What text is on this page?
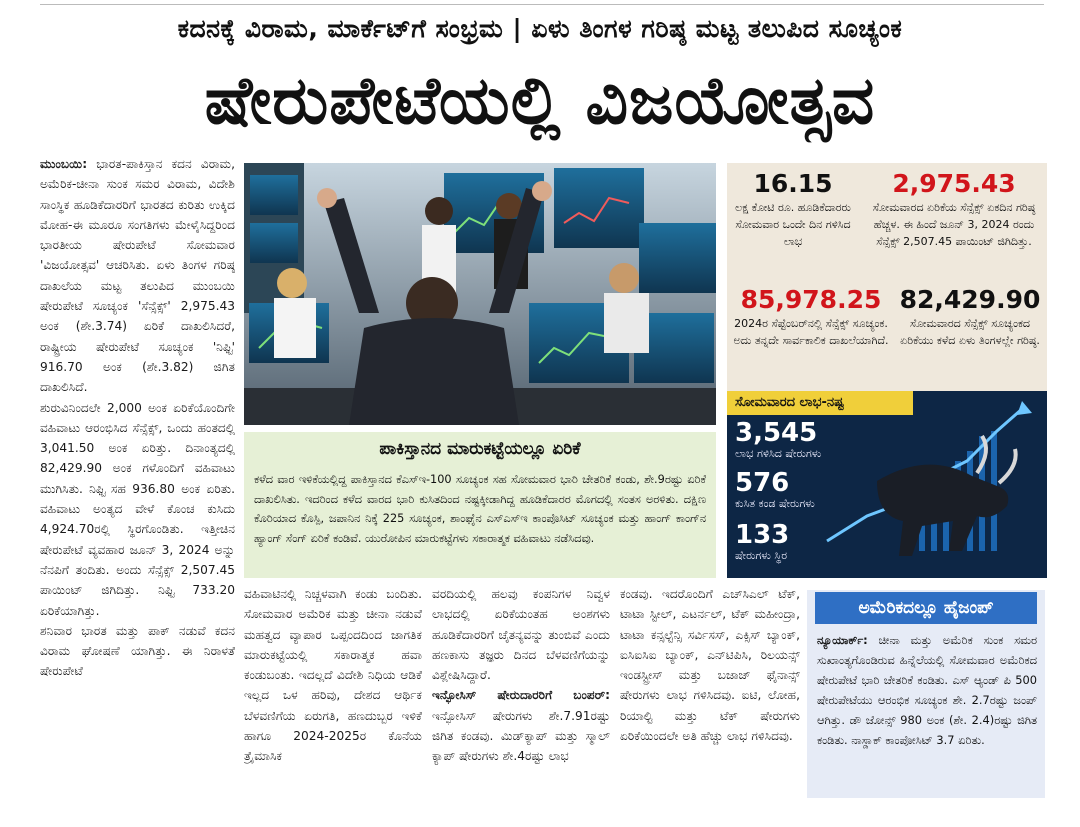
ಕದನಕ್ಕೆ ವಿರಾಮ, ಮಾರ್ಕೆಟ್‌ಗೆ ಸಂಭ್ರಮ | ಏಳು ತಿಂಗಳ ಗರಿಷ್ಠ ಮಟ್ಟ ತಲುಪಿದ ಸೂಚ್ಯಂಕ
ಷೇರುಪೇಟೆಯಲ್ಲಿ ವಿಜಯೋತ್ಸವ

ಮುಂಬಯಿ: ಭಾರತ-ಪಾಕಿಸ್ತಾನ ಕದನ ವಿರಾಮ, ಅಮೆರಿಕ-ಚೀನಾ ಸುಂಕ ಸಮರ ವಿರಾಮ, ವಿದೇಶಿ ಸಾಂಸ್ಥಿಕ ಹೂಡಿಕೆದಾರರಿಗೆ ಭಾರತದ ಕುರಿತು ಉಕ್ಕಿದ ಮೋಹ-ಈ ಮೂರೂ ಸಂಗತಿಗಳು ಮೇಳೈಸಿದ್ದರಿಂದ ಭಾರತೀಯ ಷೇರುಪೇಟೆ ಸೋಮವಾರ 'ವಿಜಯೋತ್ಸವ' ಆಚರಿಸಿತು. ಏಳು ತಿಂಗಳ ಗರಿಷ್ಠ ದಾಖಲೆಯ ಮಟ್ಟ ತಲುಪಿದ ಮುಂಬಯಿ ಷೇರುಪೇಟೆ ಸೂಚ್ಯಂಕ 'ಸೆನ್ಸೆಕ್ಸ್' 2,975.43 ಅಂಕ (ಶೇ.3.74) ಏರಿಕೆ ದಾಖಲಿಸಿದರೆ, ರಾಷ್ಟ್ರೀಯ ಷೇರುಪೇಟೆ ಸೂಚ್ಯಂಕ 'ನಿಫ್ಟಿ' 916.70 ಅಂಕ (ಶೇ.3.82) ಜಿಗಿತ ದಾಖಲಿಸಿದೆ.

ಶುರುವಿನಿಂದಲೇ 2,000 ಅಂಕ ಏರಿಕೆಯೊಂದಿಗೇ ವಹಿವಾಟು ಆರಂಭಿಸಿದ ಸೆನ್ಸೆಕ್ಸ್, ಒಂದು ಹಂತದಲ್ಲಿ 3,041.50 ಅಂಕ ಏರಿತ್ತು. ದಿನಾಂತ್ಯದಲ್ಲಿ 82,429.90 ಅಂಕ ಗಳೊಂದಿಗೆ ವಹಿವಾಟು ಮುಗಿಸಿತು. ನಿಫ್ಟಿ ಸಹ 936.80 ಅಂಕ ಏರಿತು. ವಹಿವಾಟು ಅಂತ್ಯದ ವೇಳೆ ಕೊಂಚ ಕುಸಿದು 4,924.70ರಲ್ಲಿ ಸ್ಥಿರಗೊಂಡಿತು. ಇತ್ತೀಚಿನ ಷೇರುಪೇಟೆ ವ್ಯವಹಾರ ಜೂನ್ 3, 2024 ಅನ್ನು ನೆನಪಿಗೆ ತಂದಿತು. ಅಂದು ಸೆನ್ಸೆಕ್ಸ್ 2,507.45 ಪಾಯಿಂಟ್ ಜಿಗಿದಿತ್ತು. ನಿಫ್ಟಿ 733.20 ಏರಿಕೆಯಾಗಿತ್ತು.

ಶನಿವಾರ ಭಾರತ ಮತ್ತು ಪಾಕ್ ನಡುವೆ ಕದನ ವಿರಾಮ ಘೋಷಣೆ ಯಾಗಿತ್ತು. ಈ ನಿರಾಳತೆ ಷೇರುಪೇಟೆ

16.15
ಲಕ್ಷ ಕೋಟಿ ರೂ. ಹೂಡಿಕೆದಾರರು ಸೋಮವಾರ ಒಂದೇ ದಿನ ಗಳಿಸಿದ ಲಾಭ
2,975.43
ಸೋಮವಾರದ ಏರಿಕೆಯ ಸೆನ್ಸೆಕ್ಸ್ ಏಕದಿನ ಗರಿಷ್ಠ ಹೆಚ್ಚಳ. ಈ ಹಿಂದೆ ಜೂನ್ 3, 2024 ರಂದು ಸೆನ್ಸೆಕ್ಸ್ 2,507.45 ಪಾಯಿಂಟ್ ಜಿಗಿದಿತ್ತು.
85,978.25
2024ರ ಸೆಪ್ಟೆಂಬರ್‌ನಲ್ಲಿ ಸೆನ್ಸೆಕ್ಸ್ ಸೂಚ್ಯಂಕ. ಅದು ತನ್ನದೇ ಸಾರ್ವಕಾಲಿಕ ದಾಖಲೆಯಾಗಿದೆ.
82,429.90
ಸೋಮವಾರದ ಸೆನ್ಸೆಕ್ಸ್ ಸೂಚ್ಯಂಕದ ಏರಿಕೆಯು ಕಳೆದ ಏಳು ತಿಂಗಳಲ್ಲೇ ಗರಿಷ್ಠ.
ಸೋಮವಾರದ ಲಾಭ-ನಷ್ಟ
3,545
ಲಾಭ ಗಳಿಸಿದ ಷೇರುಗಳು
576
ಕುಸಿತ ಕಂಡ ಷೇರುಗಳು
133
ಷೇರುಗಳು ಸ್ಥಿರ
ಪಾಕಿಸ್ತಾನದ ಮಾರುಕಟ್ಟೆಯಲ್ಲೂ ಏರಿಕೆ
ಕಳೆದ ವಾರ ಇಳಿಕೆಯಲ್ಲಿದ್ದ ಪಾಕಿಸ್ತಾನದ ಕೆಎಸ್‌ಇ-100 ಸೂಚ್ಯಂಕ ಸಹ ಸೋಮವಾರ ಭಾರಿ ಚೇತರಿಕೆ ಕಂಡು, ಶೇ.9ರಷ್ಟು ಏರಿಕೆ ದಾಖಲಿಸಿತು. ಇದರಿಂದ ಕಳೆದ ವಾರದ ಭಾರಿ ಕುಸಿತದಿಂದ ನಷ್ಟಕ್ಕೀಡಾಗಿದ್ದ ಹೂಡಿಕೆದಾರರ ಮೊಗದಲ್ಲಿ ಸಂತಸ ಅರಳಿತು. ದಕ್ಷಿಣ ಕೊರಿಯಾದ ಕೊಸ್ಪಿ, ಜಪಾನಿನ ನಿಕ್ಕೆ 225 ಸೂಚ್ಯಂಕ, ಶಾಂಘೈನ ಎಸ್‌ಎಸ್‌ಇ ಕಾಂಪೊಸಿಟ್ ಸೂಚ್ಯಂಕ ಮತ್ತು ಹಾಂಗ್ ಕಾಂಗ್‌ನ ಹ್ಯಾಂಗ್ ಸೆಂಗ್ ಏರಿಕೆ ಕಂಡಿವೆ. ಯುರೋಪಿನ ಮಾರುಕಟ್ಟೆಗಳು ಸಕಾರಾತ್ಮಕ ವಹಿವಾಟು ನಡೆಸಿದವು.

ವಹಿವಾಟಿನಲ್ಲಿ ನಿಚ್ಚಳವಾಗಿ ಕಂಡು ಬಂದಿತು. ಸೋಮವಾರ ಅಮೆರಿಕ ಮತ್ತು ಚೀನಾ ನಡುವೆ ಮಹತ್ವದ ವ್ಯಾಪಾರ ಒಪ್ಪಂದದಿಂದ ಜಾಗತಿಕ ಮಾರುಕಟ್ಟೆಯಲ್ಲಿ ಸಕಾರಾತ್ಮಕ ಹವಾ ಕಂಡುಬಂತು. ಇದಲ್ಲದೆ ವಿದೇಶಿ ನಿಧಿಯ ಆಡಿಕೆ ಇಲ್ಲದ ಒಳ ಹರಿವು, ದೇಶದ ಆರ್ಥಿಕ ಬೆಳವಣಿಗೆಯ ಏರುಗತಿ, ಹಣದುಬ್ಬರ ಇಳಿಕೆ ಹಾಗೂ 2024-2025ರ ಕೊನೆಯ ತ್ರೈಮಾಸಿಕ

ವರದಿಯಲ್ಲಿ ಹಲವು ಕಂಪನಿಗಳ ನಿವ್ವಳ ಲಾಭದಲ್ಲಿ ಏರಿಕೆಯಂತಹ ಅಂಶಗಳು ಹೂಡಿಕೆದಾರರಿಗೆ ಚೈತನ್ಯವನ್ನು ತುಂಬಿವೆ ಎಂದು ಹಣಕಾಸು ತಜ್ಞರು ದಿನದ ಬೆಳವಣಿಗೆಯನ್ನು ವಿಶ್ಲೇಷಿಸಿದ್ದಾರೆ.

ಇನ್ಫೋಸಿಸ್ ಷೇರುದಾರರಿಗೆ ಬಂಪರ್: ಇನ್ಫೋಸಿಸ್ ಷೇರುಗಳು ಶೇ.7.91ರಷ್ಟು ಜಿಗಿತ ಕಂಡವು. ಮಿಡ್‌ಕ್ಯಾಪ್ ಮತ್ತು ಸ್ಮಾಲ್ ಕ್ಯಾಪ್ ಷೇರುಗಳು ಶೇ.4ರಷ್ಟು ಲಾಭ

ಕಂಡವು. ಇದರೊಂದಿಗೆ ಎಚ್‌ಸಿಎಲ್ ಟೆಕ್, ಟಾಟಾ ಸ್ಟೀಲ್, ಎಟರ್ನಲ್, ಟೆಕ್ ಮಹೀಂದ್ರಾ, ಟಾಟಾ ಕನ್ಸಲ್ಟೆನ್ಸಿ ಸರ್ವಿಸಸ್, ಎಕ್ಸಿಸ್ ಬ್ಯಾಂಕ್, ಐಸಿಐಸಿಐ ಬ್ಯಾಂಕ್, ಎನ್‌ಟಿಪಿಸಿ, ರಿಲಯನ್ಸ್ ಇಂಡಸ್ಟ್ರೀಸ್ ಮತ್ತು ಬಜಾಜ್ ಫೈನಾನ್ಸ್ ಷೇರುಗಳು ಲಾಭ ಗಳಿಸಿದವು. ಐಟಿ, ಲೋಹ, ರಿಯಾಲ್ಟಿ ಮತ್ತು ಟೆಕ್ ಷೇರುಗಳು ಏರಿಕೆಯಿಂದಲೇ ಅತಿ ಹೆಚ್ಚು ಲಾಭ ಗಳಿಸಿದವು.

ಅಮೆರಿಕದಲ್ಲೂ ಹೈಜಂಪ್
ನ್ಯೂಯಾರ್ಕ್: ಚೀನಾ ಮತ್ತು ಅಮೆರಿಕ ಸುಂಕ ಸಮರ ಸುಖಾಂತ್ಯಗೊಂಡಿರುವ ಹಿನ್ನೆಲೆಯಲ್ಲಿ ಸೋಮವಾರ ಅಮೆರಿಕದ ಷೇರುಪೇಟೆ ಭಾರಿ ಚೇತರಿಕೆ ಕಂಡಿತು. ಎಸ್ ಆ್ಯಂಡ್ ಪಿ 500 ಷೇರುಪೇಟೆಯು ಆರಂಭಿಕ ಸೂಚ್ಯಂಕ ಶೇ. 2.7ರಷ್ಟು ಜಂಪ್ ಆಗಿತ್ತು. ಡೌ ಜೋನ್ಸ್ 980 ಅಂಕ (ಶೇ. 2.4)ರಷ್ಟು ಜಿಗಿತ ಕಂಡಿತು. ನಾಸ್ಡಾಕ್ ಕಾಂಪೋಸಿಟ್ 3.7 ಏರಿತು.
